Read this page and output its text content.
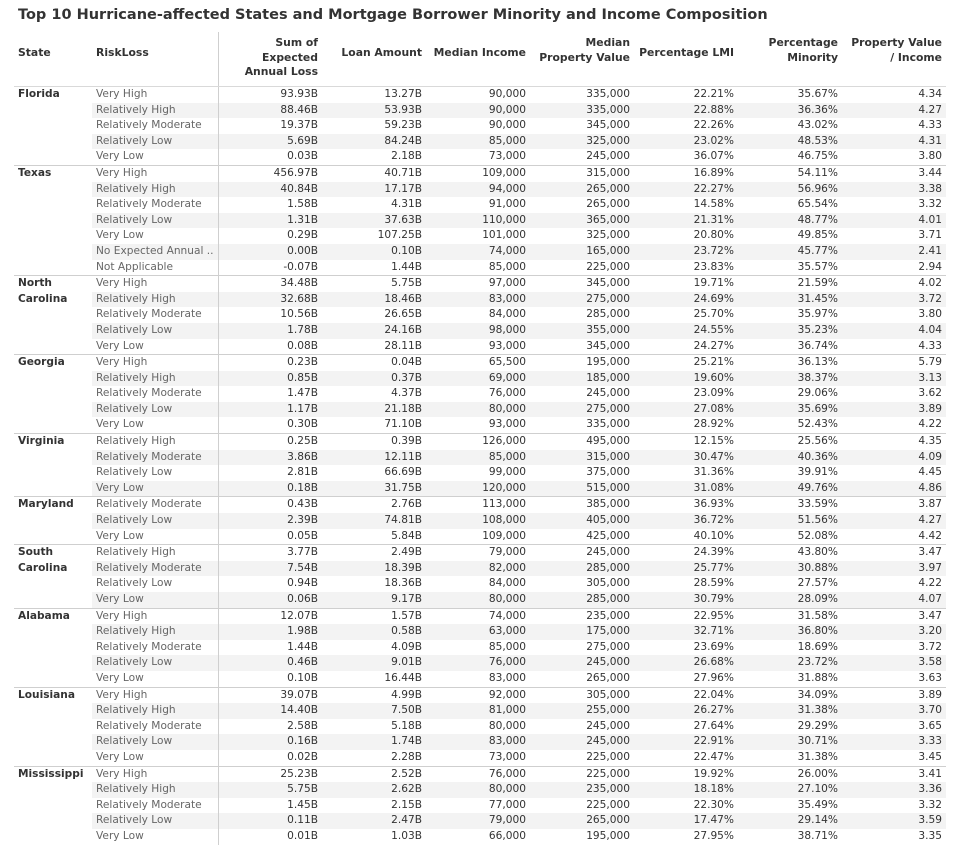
Top 10 Hurricane-affected States and Mortgage Borrower Minority and Income Composition
State	RiskLoss	Sum of Expected Annual Loss	Loan Amount	Median Income	Median Property Value	Percentage LMI	Percentage Minority	Property Value / Income
Florida	Very High	93.93B	13.27B	90,000	335,000	22.21%	35.67%	4.34
	Relatively High	88.46B	53.93B	90,000	335,000	22.88%	36.36%	4.27
	Relatively Moderate	19.37B	59.23B	90,000	345,000	22.26%	43.02%	4.33
	Relatively Low	5.69B	84.24B	85,000	325,000	23.02%	48.53%	4.31
	Very Low	0.03B	2.18B	73,000	245,000	36.07%	46.75%	3.80
Texas	Very High	456.97B	40.71B	109,000	315,000	16.89%	54.11%	3.44
	Relatively High	40.84B	17.17B	94,000	265,000	22.27%	56.96%	3.38
	Relatively Moderate	1.58B	4.31B	91,000	265,000	14.58%	65.54%	3.32
	Relatively Low	1.31B	37.63B	110,000	365,000	21.31%	48.77%	4.01
	Very Low	0.29B	107.25B	101,000	325,000	20.80%	49.85%	3.71
	No Expected Annual ..	0.00B	0.10B	74,000	165,000	23.72%	45.77%	2.41
	Not Applicable	-0.07B	1.44B	85,000	225,000	23.83%	35.57%	2.94
North Carolina	Very High	34.48B	5.75B	97,000	345,000	19.71%	21.59%	4.02
	Relatively High	32.68B	18.46B	83,000	275,000	24.69%	31.45%	3.72
	Relatively Moderate	10.56B	26.65B	84,000	285,000	25.70%	35.97%	3.80
	Relatively Low	1.78B	24.16B	98,000	355,000	24.55%	35.23%	4.04
	Very Low	0.08B	28.11B	93,000	345,000	24.27%	36.74%	4.33
Georgia	Very High	0.23B	0.04B	65,500	195,000	25.21%	36.13%	5.79
	Relatively High	0.85B	0.37B	69,000	185,000	19.60%	38.37%	3.13
	Relatively Moderate	1.47B	4.37B	76,000	245,000	23.09%	29.06%	3.62
	Relatively Low	1.17B	21.18B	80,000	275,000	27.08%	35.69%	3.89
	Very Low	0.30B	71.10B	93,000	335,000	28.92%	52.43%	4.22
Virginia	Relatively High	0.25B	0.39B	126,000	495,000	12.15%	25.56%	4.35
	Relatively Moderate	3.86B	12.11B	85,000	315,000	30.47%	40.36%	4.09
	Relatively Low	2.81B	66.69B	99,000	375,000	31.36%	39.91%	4.45
	Very Low	0.18B	31.75B	120,000	515,000	31.08%	49.76%	4.86
Maryland	Relatively Moderate	0.43B	2.76B	113,000	385,000	36.93%	33.59%	3.87
	Relatively Low	2.39B	74.81B	108,000	405,000	36.72%	51.56%	4.27
	Very Low	0.05B	5.84B	109,000	425,000	40.10%	52.08%	4.42
South Carolina	Relatively High	3.77B	2.49B	79,000	245,000	24.39%	43.80%	3.47
	Relatively Moderate	7.54B	18.39B	82,000	285,000	25.77%	30.88%	3.97
	Relatively Low	0.94B	18.36B	84,000	305,000	28.59%	27.57%	4.22
	Very Low	0.06B	9.17B	80,000	285,000	30.79%	28.09%	4.07
Alabama	Very High	12.07B	1.57B	74,000	235,000	22.95%	31.58%	3.47
	Relatively High	1.98B	0.58B	63,000	175,000	32.71%	36.80%	3.20
	Relatively Moderate	1.44B	4.09B	85,000	275,000	23.69%	18.69%	3.72
	Relatively Low	0.46B	9.01B	76,000	245,000	26.68%	23.72%	3.58
	Very Low	0.10B	16.44B	83,000	265,000	27.96%	31.88%	3.63
Louisiana	Very High	39.07B	4.99B	92,000	305,000	22.04%	34.09%	3.89
	Relatively High	14.40B	7.50B	81,000	255,000	26.27%	31.38%	3.70
	Relatively Moderate	2.58B	5.18B	80,000	245,000	27.64%	29.29%	3.65
	Relatively Low	0.16B	1.74B	83,000	245,000	22.91%	30.71%	3.33
	Very Low	0.02B	2.28B	73,000	225,000	22.47%	31.38%	3.45
Mississippi	Very High	25.23B	2.52B	76,000	225,000	19.92%	26.00%	3.41
	Relatively High	5.75B	2.62B	80,000	235,000	18.18%	27.10%	3.36
	Relatively Moderate	1.45B	2.15B	77,000	225,000	22.30%	35.49%	3.32
	Relatively Low	0.11B	2.47B	79,000	265,000	17.47%	29.14%	3.59
	Very Low	0.01B	1.03B	66,000	195,000	27.95%	38.71%	3.35
